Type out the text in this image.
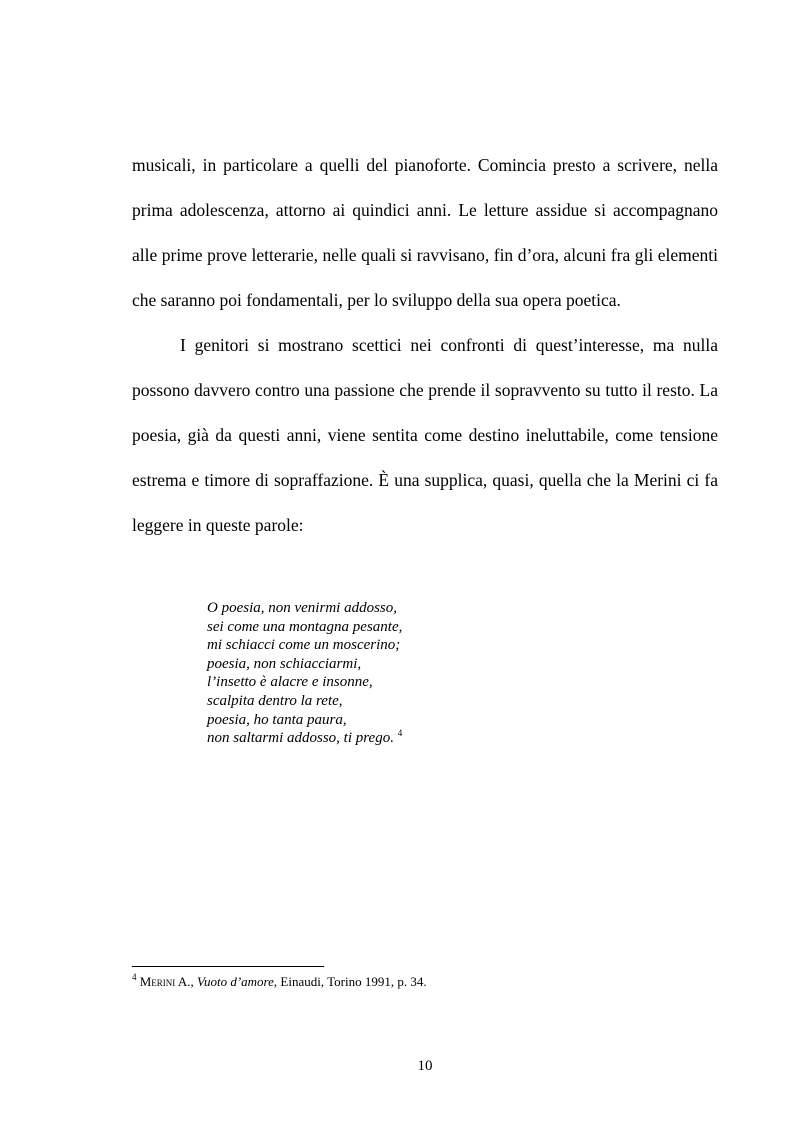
musicali, in particolare a quelli del pianoforte. Comincia presto a scrivere, nella prima adolescenza, attorno ai quindici anni. Le letture assidue si accompagnano alle prime prove letterarie, nelle quali si ravvisano, fin d’ora, alcuni fra gli elementi che saranno poi fondamentali, per lo sviluppo della sua opera poetica.

I genitori si mostrano scettici nei confronti di quest’interesse, ma nulla possono davvero contro una passione che prende il sopravvento su tutto il resto. La poesia, già da questi anni, viene sentita come destino ineluttabile, come tensione estrema e timore di sopraffazione. È una supplica, quasi, quella che la Merini ci fa leggere in queste parole:

O poesia, non venirmi addosso,
sei come una montagna pesante,
mi schiacci come un moscerino;
poesia, non schiacciarmi,
l’insetto è alacre e insonne,
scalpita dentro la rete,
poesia, ho tanta paura,
non saltarmi addosso, ti prego. $^4$
$^4$ Merini A., Vuoto d’amore, Einaudi, Torino 1991, p. 34.
10
